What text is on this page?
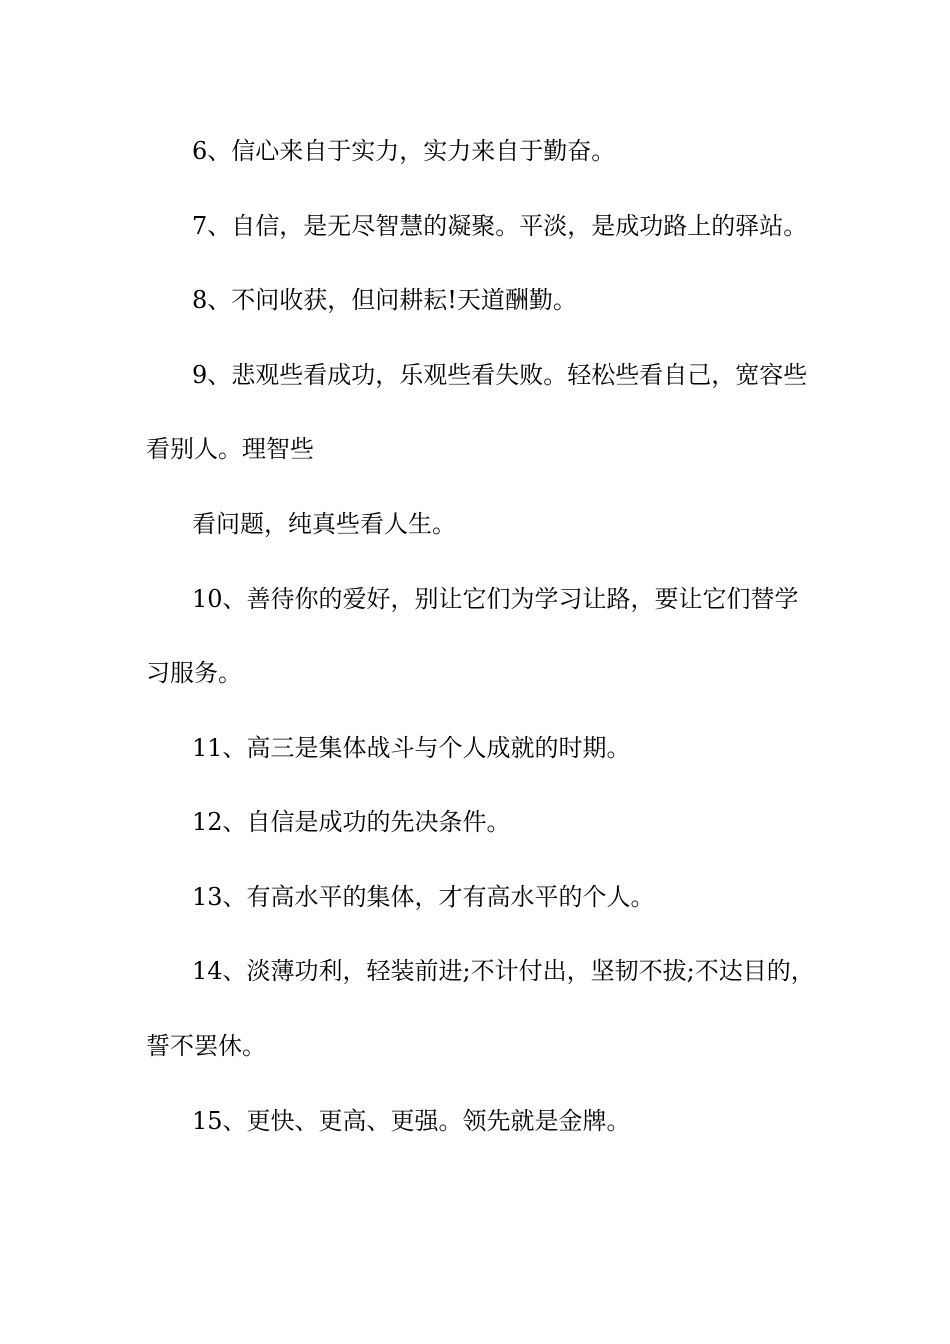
6、信心来自于实力，实力来自于勤奋。
7、自信，是无尽智慧的凝聚。平淡，是成功路上的驿站。
8、不问收获，但问耕耘!天道酬勤。
9、悲观些看成功，乐观些看失败。轻松些看自己，宽容些
看别人。理智些
看问题，纯真些看人生。
10、善待你的爱好，别让它们为学习让路，要让它们替学
习服务。
11、高三是集体战斗与个人成就的时期。
12、自信是成功的先决条件。
13、有高水平的集体，才有高水平的个人。
14、淡薄功利，轻装前进;不计付出，坚韧不拔;不达目的，
誓不罢休。
15、更快、更高、更强。领先就是金牌。
